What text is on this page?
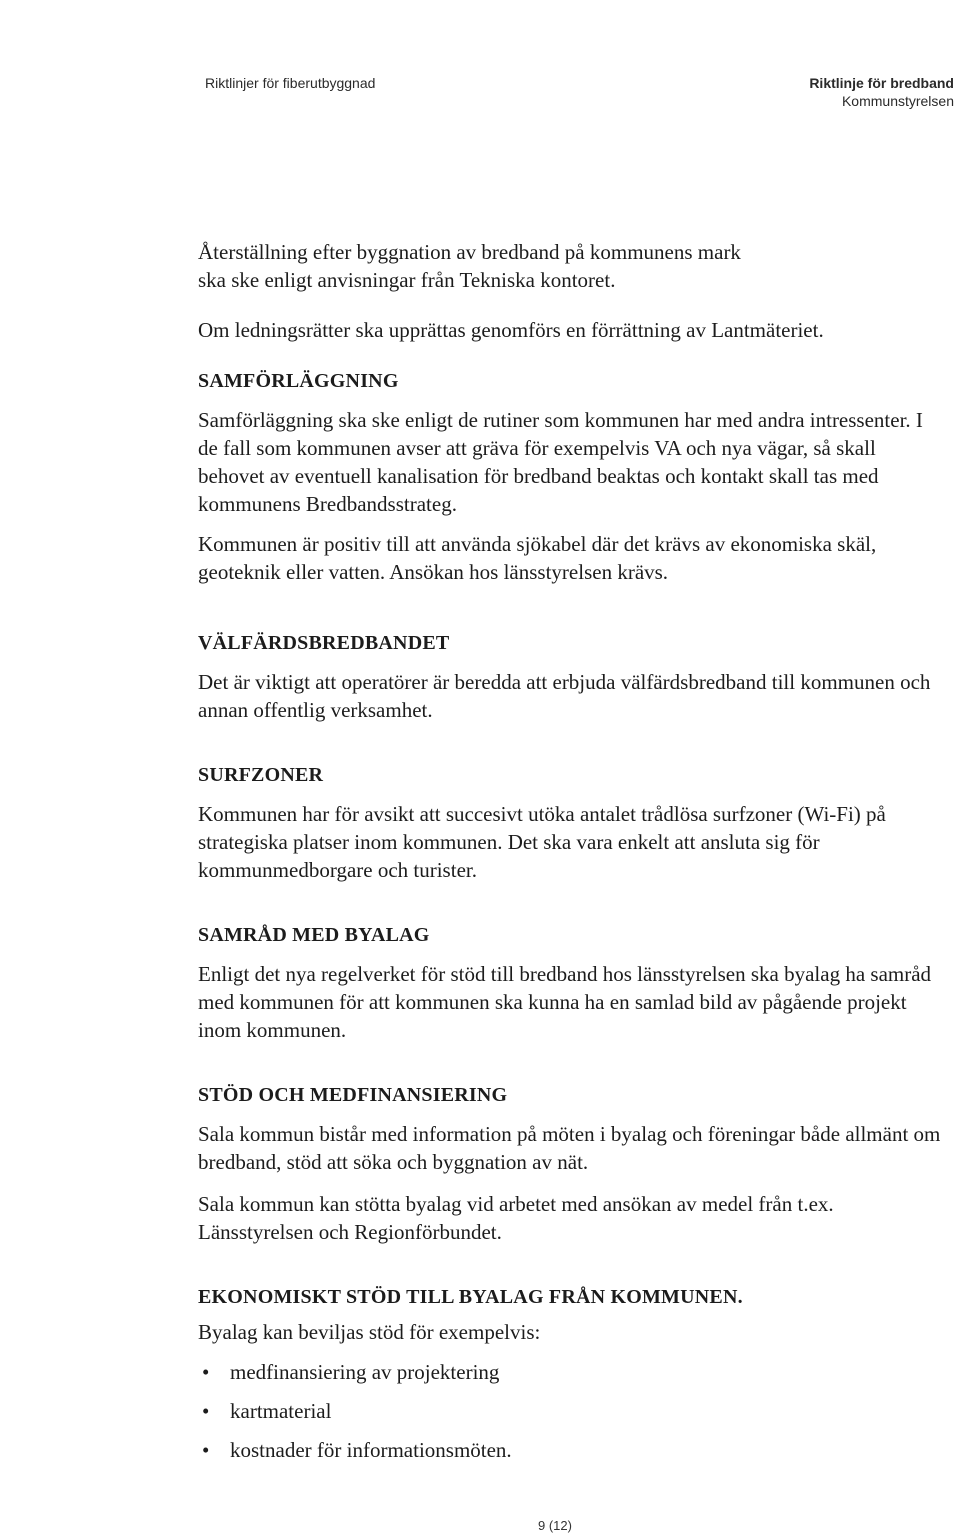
Riktlinjer för fiberutbyggnad	Riktlinje för bredband
Kommunstyrelsen

Återställning efter byggnation av bredband på kommunens mark ska ske enligt anvisningar från Tekniska kontoret.

Om ledningsrätter ska upprättas genomförs en förrättning av Lantmäteriet.

SAMFÖRLÄGGNING

Samförläggning ska ske enligt de rutiner som kommunen har med andra intressenter. I de fall som kommunen avser att gräva för exempelvis VA och nya vägar, så skall behovet av eventuell kanalisation för bredband beaktas och kontakt skall tas med kommunens Bredbandsstrateg.

Kommunen är positiv till att använda sjökabel där det krävs av ekonomiska skäl, geoteknik eller vatten. Ansökan hos länsstyrelsen krävs.

VÄLFÄRDSBREDBANDET

Det är viktigt att operatörer är beredda att erbjuda välfärdsbredband till kommunen och annan offentlig verksamhet.

SURFZONER

Kommunen har för avsikt att succesivt utöka antalet trådlösa surfzoner (Wi-Fi) på strategiska platser inom kommunen. Det ska vara enkelt att ansluta sig för kommunmedborgare och turister.

SAMRÅD MED BYALAG

Enligt det nya regelverket för stöd till bredband hos länsstyrelsen ska byalag ha samråd med kommunen för att kommunen ska kunna ha en samlad bild av pågående projekt inom kommunen.

STÖD OCH MEDFINANSIERING

Sala kommun bistår med information på möten i byalag och föreningar både allmänt om bredband, stöd att söka och byggnation av nät.

Sala kommun kan stötta byalag vid arbetet med ansökan av medel från t.ex. Länsstyrelsen och Regionförbundet.

EKONOMISKT STÖD TILL BYALAG FRÅN KOMMUNEN.

Byalag kan beviljas stöd för exempelvis:

• medfinansiering av projektering
• kartmaterial
• kostnader för informationsmöten.
9 (12)
